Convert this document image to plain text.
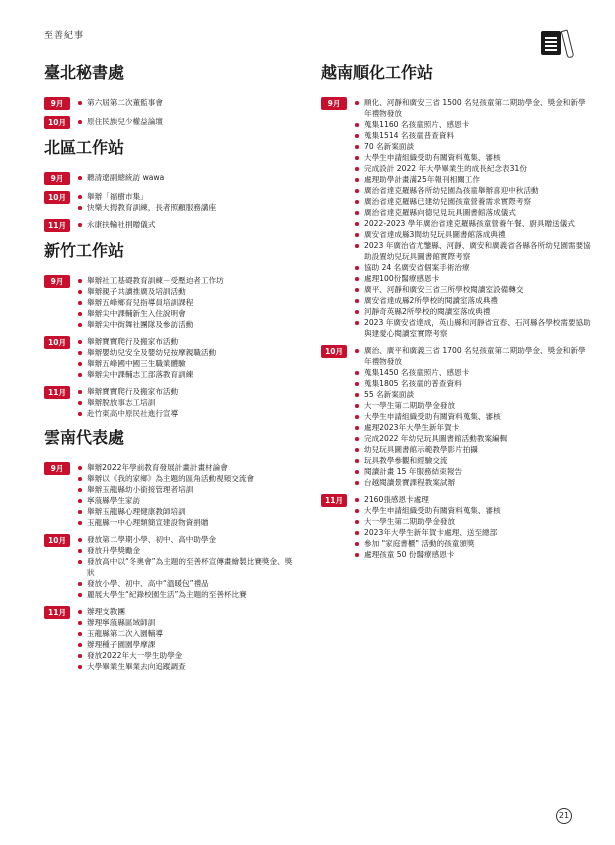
至善紀事
臺北秘書處
9月	第六屆第二次董監事會
10月	原住民族兒少權益論壇
北區工作站
9月	聽清遼副總統訪 wawa
10月	舉辦「福樹市集」
快樂大拇教育訓練，長者照顧服務講座
11月	永康扶輪社捐贈儀式
新竹工作站
9月	舉辦社工基礎教育訓練－受壓迫者工作坊
舉辦親子共讀推廣及培訓活動
舉辦五峰鄉育兒指導員培訓課程
舉辦尖中課輔新生入住說明會
舉辦尖中街舞社團隊及參訪活動
10月	舉辦寶寶爬行及搬家布活動
舉辦嬰幼兒安全及嬰幼兒按摩親職活動
舉辦五峰國中國三生職業體驗
舉辦尖中課輔志工部落教育訓練
11月	舉辦寶寶爬行及搬家布活動
舉辦脫放事志工培訓
赴竹東高中原民社進行宣導
雲南代表處
9月	舉辦2022年學前教育發展計畫計畫材論會
舉辦以《我的家鄉》為主題的區角活動視頻交流會
舉辦玉龍縣幼小銜接管理者培訓
寧蒗縣學生家訪
舉辦玉龍縣心理健康教師培訓
玉龍縣一中心理類簡宣建設物資捐贈
10月	發放第二學期小學、初中、高中助學金
發放升學獎勵金
發放高中以“冬奧會”為主題的至善杯宣傳畫繪製比賽獎金、獎狀
發放小學、初中、高中“溫暖包”禮品
麗展大學生“紀錄校園生活”為主題的至善杯比賽
11月	辦理支教團
辦理寧蒗縣區域師訓
玉龍縣第二次入園輔導
辦理種子園園學摩課
發放2022年大一學生助學金
大學畢業生畢業去向追蹤調查
越南順化工作站
9月	順化、河靜和廣安三省 1500 名兒孩童第二期助學金、獎金和新學年禮物發放
蒐集1160 名孩童照片、感恩卡
蒐集1514 名孩童普查資料
70 名新案面談
大學生申請組織受助有關資料蒐集、審核
完成設計 2022 年大學畢業生的成長紀念表31份
處理助學計畫滿25年報刊相關工作
廣治省達克羅縣各所幼兒園為孩童舉辦喜迎中秋活動
廣治省達克羅縣已建幼兒園孩童營養需求實際考察
廣治省達克羅縣向德兒見玩具圖書館落成儀式
2022-2023 學年廣治省達克羅縣孩童營養午餐、廚具贈送儀式
廣安省達成縣3間幼兒玩具圖書館落成典禮
2023 年廣治省尤鑒縣、河靜、廣安和廣義省各縣各所幼兒園需要協助設置幼兒玩具圖書館實際考察
協助 24 名廣安省個案手術治療
處理100份醫療感恩卡
廣平、河靜和廣安三省三所學校閱讀室設備轉交
廣安省達成縣2所學校的閱讀室落成典禮
河靜奇英縣2所學校的閱讀室落成典禮
2023 年廣安省達成，英山縣和河靜省宜春、石河縣各學校需要協助與建愛心閱讀室實際考察
10月	廣治、廣平和廣義三省 1700 名兒孩童第二期助學金、獎金和新學年禮物發放
蒐集1450 名孩童照片、感恩卡
蒐集1805 名孩童的普查資料
55 名新案面談
大一學生第二期助學金發放
大學生申請組織受助有關資料蒐集、審核
處理2023年大學生新年賀卡
完成2022 年幼兒玩具圖書館活動教案編輯
幼兒玩具圖書館示範教學影片拍攝
玩具教學參觀和經驗交流
閱讀計畫 15 年服務結束報告
台越閱讀景寶課程教案試辦
11月	2160張感恩卡處理
大學生申請組織受助有關資料蒐集、審核
大一學生第二期助學金發放
2023年大學生新年賀卡處理、送至總部
參加 "家庭書櫃" 活動的孩童頒獎
處理孩童 50 份醫療感恩卡
21
